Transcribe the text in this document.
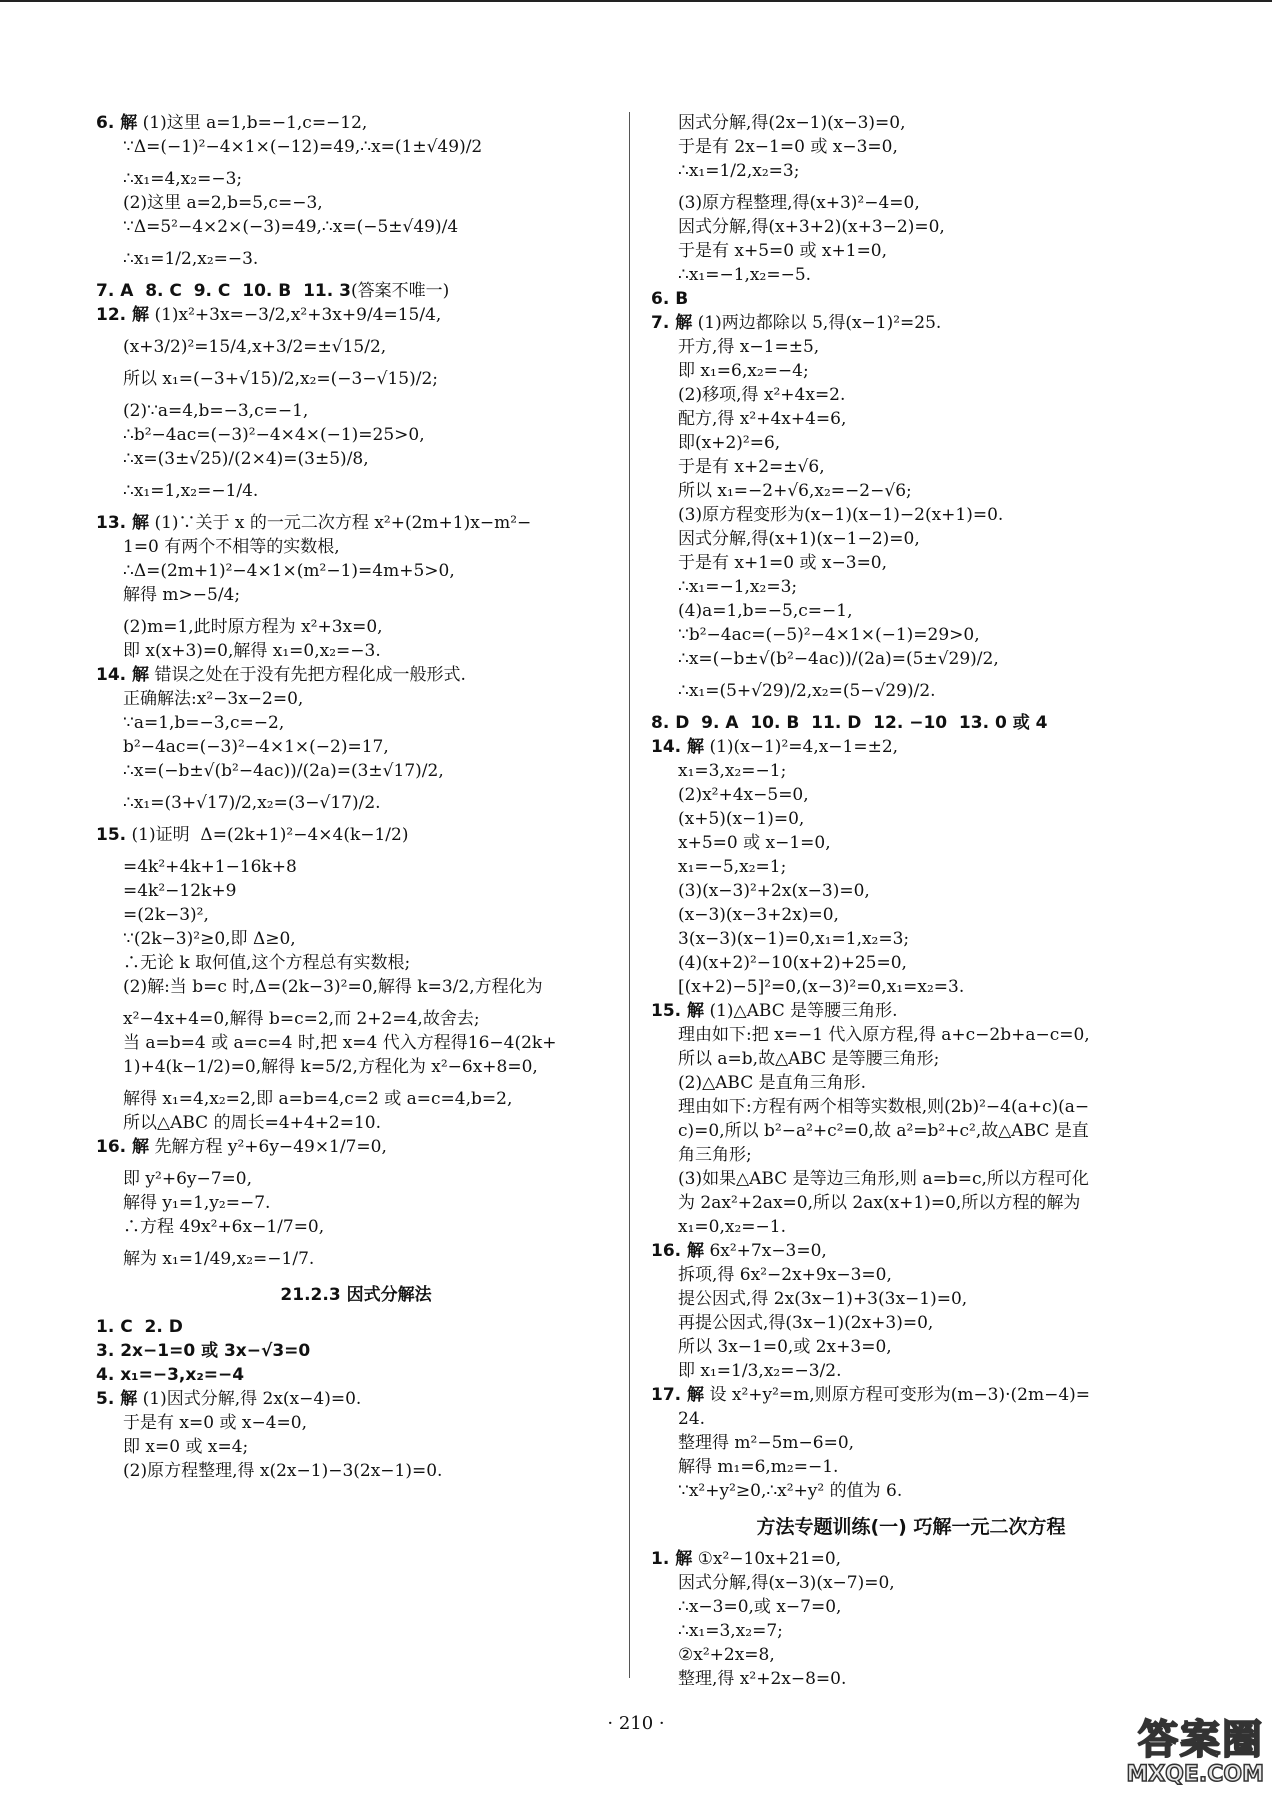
6. 解 (1)这里 a=1,b=−1,c=−12,
∵Δ=(−1)²−4×1×(−12)=49,∴x=(1±√49)/2
∴x₁=4,x₂=−3;
(2)这里 a=2,b=5,c=−3,
∵Δ=5²−4×2×(−3)=49,∴x=(−5±√49)/4
∴x₁=1/2,x₂=−3.
7. A  8. C  9. C  10. B  11. 3(答案不唯一)
12. 解 (1)x²+3x=−3/2,x²+3x+9/4=15/4,
(x+3/2)²=15/4,x+3/2=±√15/2,
所以 x₁=(−3+√15)/2,x₂=(−3−√15)/2;
(2)∵a=4,b=−3,c=−1,
∴b²−4ac=(−3)²−4×4×(−1)=25>0,
∴x=(3±√25)/(2×4)=(3±5)/8,
∴x₁=1,x₂=−1/4.
13. 解 (1)∵关于 x 的一元二次方程 x²+(2m+1)x−m²−
1=0 有两个不相等的实数根,
∴Δ=(2m+1)²−4×1×(m²−1)=4m+5>0,
解得 m>−5/4;
(2)m=1,此时原方程为 x²+3x=0,
即 x(x+3)=0,解得 x₁=0,x₂=−3.
14. 解 错误之处在于没有先把方程化成一般形式.
正确解法:x²−3x−2=0,
∵a=1,b=−3,c=−2,
b²−4ac=(−3)²−4×1×(−2)=17,
∴x=(−b±√(b²−4ac))/(2a)=(3±√17)/2,
∴x₁=(3+√17)/2,x₂=(3−√17)/2.
15. (1)证明  Δ=(2k+1)²−4×4(k−1/2)
=4k²+4k+1−16k+8
=4k²−12k+9
=(2k−3)²,
∵(2k−3)²≥0,即 Δ≥0,
∴无论 k 取何值,这个方程总有实数根;
(2)解:当 b=c 时,Δ=(2k−3)²=0,解得 k=3/2,方程化为
x²−4x+4=0,解得 b=c=2,而 2+2=4,故舍去;
当 a=b=4 或 a=c=4 时,把 x=4 代入方程得16−4(2k+
1)+4(k−1/2)=0,解得 k=5/2,方程化为 x²−6x+8=0,
解得 x₁=4,x₂=2,即 a=b=4,c=2 或 a=c=4,b=2,
所以△ABC 的周长=4+4+2=10.
16. 解 先解方程 y²+6y−49×1/7=0,
即 y²+6y−7=0,
解得 y₁=1,y₂=−7.
∴方程 49x²+6x−1/7=0,
解为 x₁=1/49,x₂=−1/7.
21.2.3 因式分解法
1. C  2. D
3. 2x−1=0 或 3x−√3=0
4. x₁=−3,x₂=−4
5. 解 (1)因式分解,得 2x(x−4)=0.
于是有 x=0 或 x−4=0,
即 x=0 或 x=4;
(2)原方程整理,得 x(2x−1)−3(2x−1)=0.
因式分解,得(2x−1)(x−3)=0,
于是有 2x−1=0 或 x−3=0,
∴x₁=1/2,x₂=3;
(3)原方程整理,得(x+3)²−4=0,
因式分解,得(x+3+2)(x+3−2)=0,
于是有 x+5=0 或 x+1=0,
∴x₁=−1,x₂=−5.
6. B
7. 解 (1)两边都除以 5,得(x−1)²=25.
开方,得 x−1=±5,
即 x₁=6,x₂=−4;
(2)移项,得 x²+4x=2.
配方,得 x²+4x+4=6,
即(x+2)²=6,
于是有 x+2=±√6,
所以 x₁=−2+√6,x₂=−2−√6;
(3)原方程变形为(x−1)(x−1)−2(x+1)=0.
因式分解,得(x+1)(x−1−2)=0,
于是有 x+1=0 或 x−3=0,
∴x₁=−1,x₂=3;
(4)a=1,b=−5,c=−1,
∵b²−4ac=(−5)²−4×1×(−1)=29>0,
∴x=(−b±√(b²−4ac))/(2a)=(5±√29)/2,
∴x₁=(5+√29)/2,x₂=(5−√29)/2.
8. D  9. A  10. B  11. D  12. −10  13. 0 或 4
14. 解 (1)(x−1)²=4,x−1=±2,
x₁=3,x₂=−1;
(2)x²+4x−5=0,
(x+5)(x−1)=0,
x+5=0 或 x−1=0,
x₁=−5,x₂=1;
(3)(x−3)²+2x(x−3)=0,
(x−3)(x−3+2x)=0,
3(x−3)(x−1)=0,x₁=1,x₂=3;
(4)(x+2)²−10(x+2)+25=0,
[(x+2)−5]²=0,(x−3)²=0,x₁=x₂=3.
15. 解 (1)△ABC 是等腰三角形.
理由如下:把 x=−1 代入原方程,得 a+c−2b+a−c=0,
所以 a=b,故△ABC 是等腰三角形;
(2)△ABC 是直角三角形.
理由如下:方程有两个相等实数根,则(2b)²−4(a+c)(a−
c)=0,所以 b²−a²+c²=0,故 a²=b²+c²,故△ABC 是直
角三角形;
(3)如果△ABC 是等边三角形,则 a=b=c,所以方程可化
为 2ax²+2ax=0,所以 2ax(x+1)=0,所以方程的解为
x₁=0,x₂=−1.
16. 解 6x²+7x−3=0,
拆项,得 6x²−2x+9x−3=0,
提公因式,得 2x(3x−1)+3(3x−1)=0,
再提公因式,得(3x−1)(2x+3)=0,
所以 3x−1=0,或 2x+3=0,
即 x₁=1/3,x₂=−3/2.
17. 解 设 x²+y²=m,则原方程可变形为(m−3)·(2m−4)=
24.
整理得 m²−5m−6=0,
解得 m₁=6,m₂=−1.
∵x²+y²≥0,∴x²+y² 的值为 6.
方法专题训练(一) 巧解一元二次方程
1. 解 ①x²−10x+21=0,
因式分解,得(x−3)(x−7)=0,
∴x−3=0,或 x−7=0,
∴x₁=3,x₂=7;
②x²+2x=8,
整理,得 x²+2x−8=0.
· 210 ·	答案圈
MXQE.COM
